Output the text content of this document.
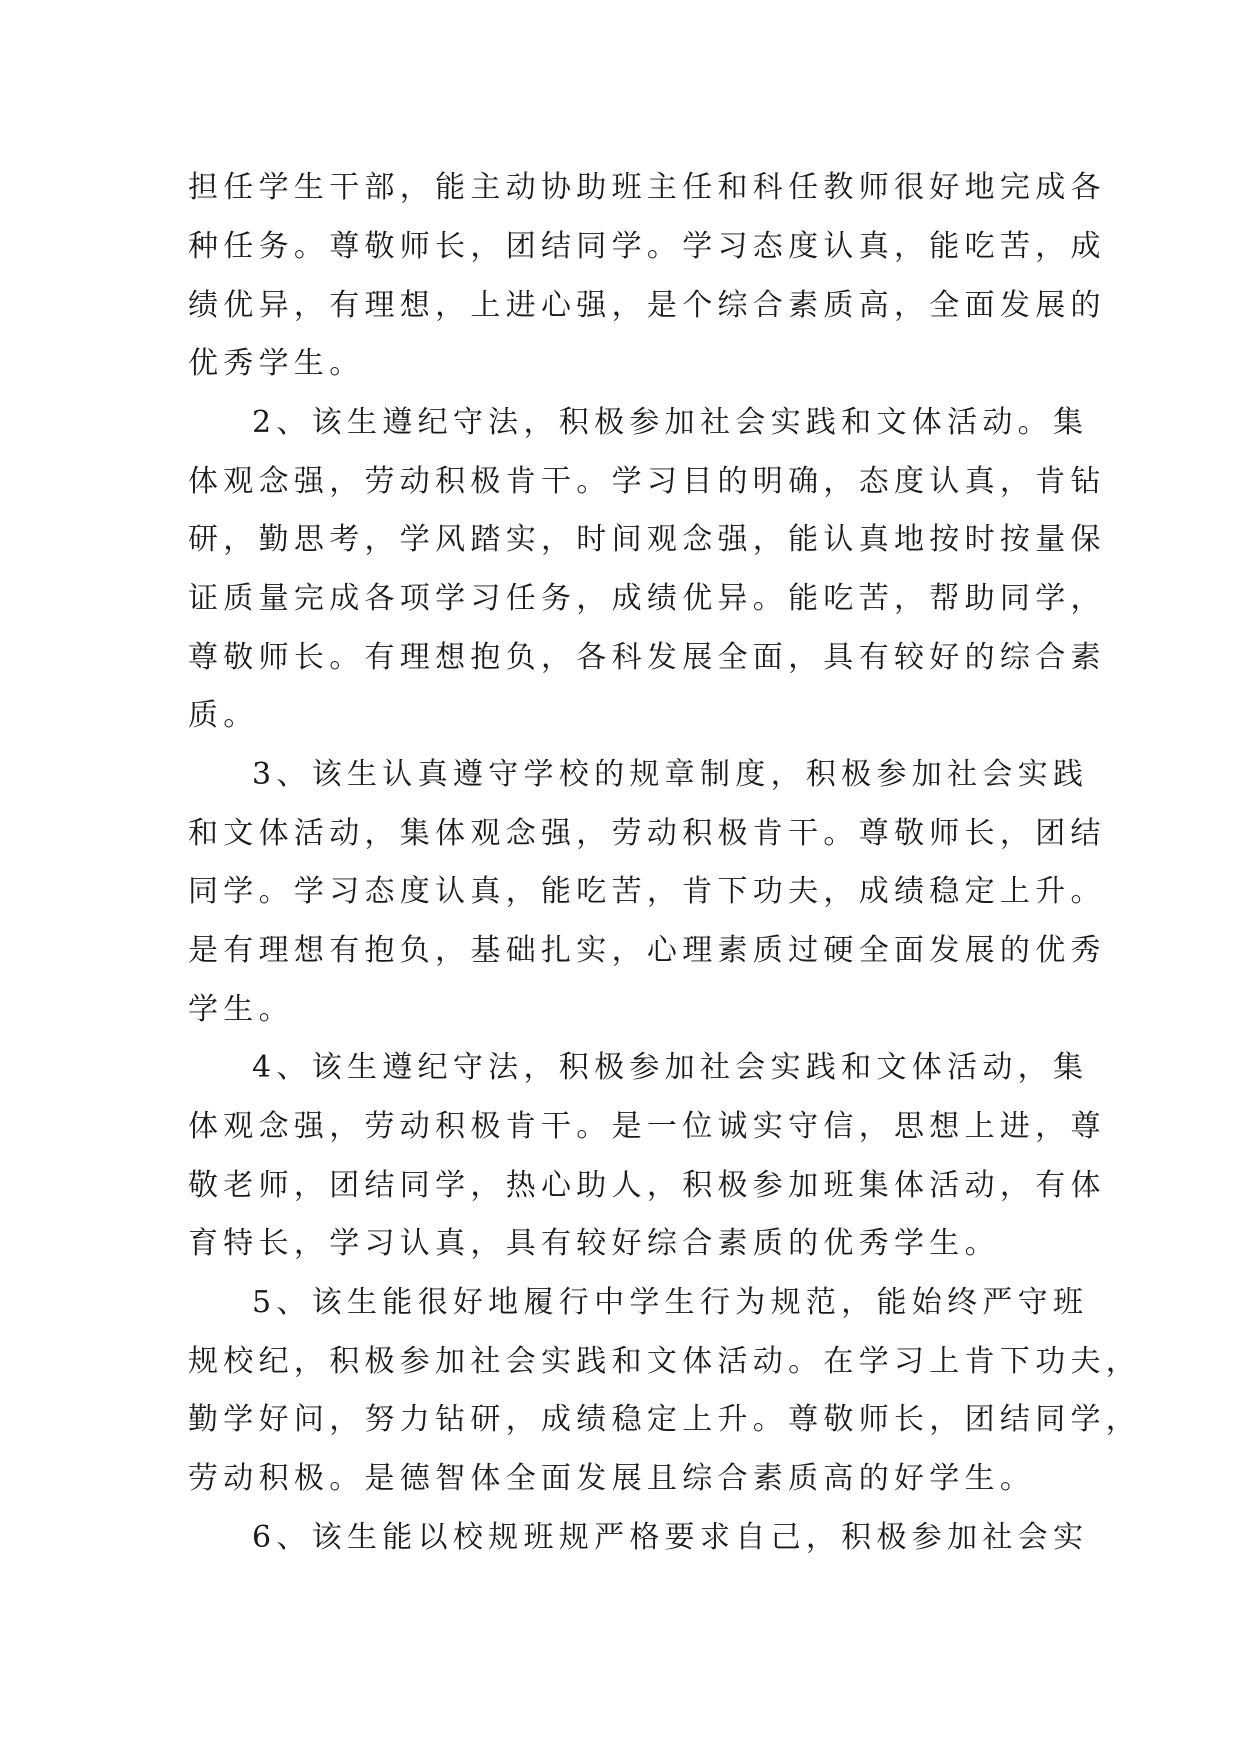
担任学生干部，能主动协助班主任和科任教师很好地完成各
种任务。尊敬师长，团结同学。学习态度认真，能吃苦，成
绩优异，有理想，上进心强，是个综合素质高，全面发展的
优秀学生。
2、该生遵纪守法，积极参加社会实践和文体活动。集
体观念强，劳动积极肯干。学习目的明确，态度认真，肯钻
研，勤思考，学风踏实，时间观念强，能认真地按时按量保
证质量完成各项学习任务，成绩优异。能吃苦，帮助同学，
尊敬师长。有理想抱负，各科发展全面，具有较好的综合素
质。
3、该生认真遵守学校的规章制度，积极参加社会实践
和文体活动，集体观念强，劳动积极肯干。尊敬师长，团结
同学。学习态度认真，能吃苦，肯下功夫，成绩稳定上升。
是有理想有抱负，基础扎实，心理素质过硬全面发展的优秀
学生。
4、该生遵纪守法，积极参加社会实践和文体活动，集
体观念强，劳动积极肯干。是一位诚实守信，思想上进，尊
敬老师，团结同学，热心助人，积极参加班集体活动，有体
育特长，学习认真，具有较好综合素质的优秀学生。
5、该生能很好地履行中学生行为规范，能始终严守班
规校纪，积极参加社会实践和文体活动。在学习上肯下功夫，
勤学好问，努力钻研，成绩稳定上升。尊敬师长，团结同学，
劳动积极。是德智体全面发展且综合素质高的好学生。
6、该生能以校规班规严格要求自己，积极参加社会实
